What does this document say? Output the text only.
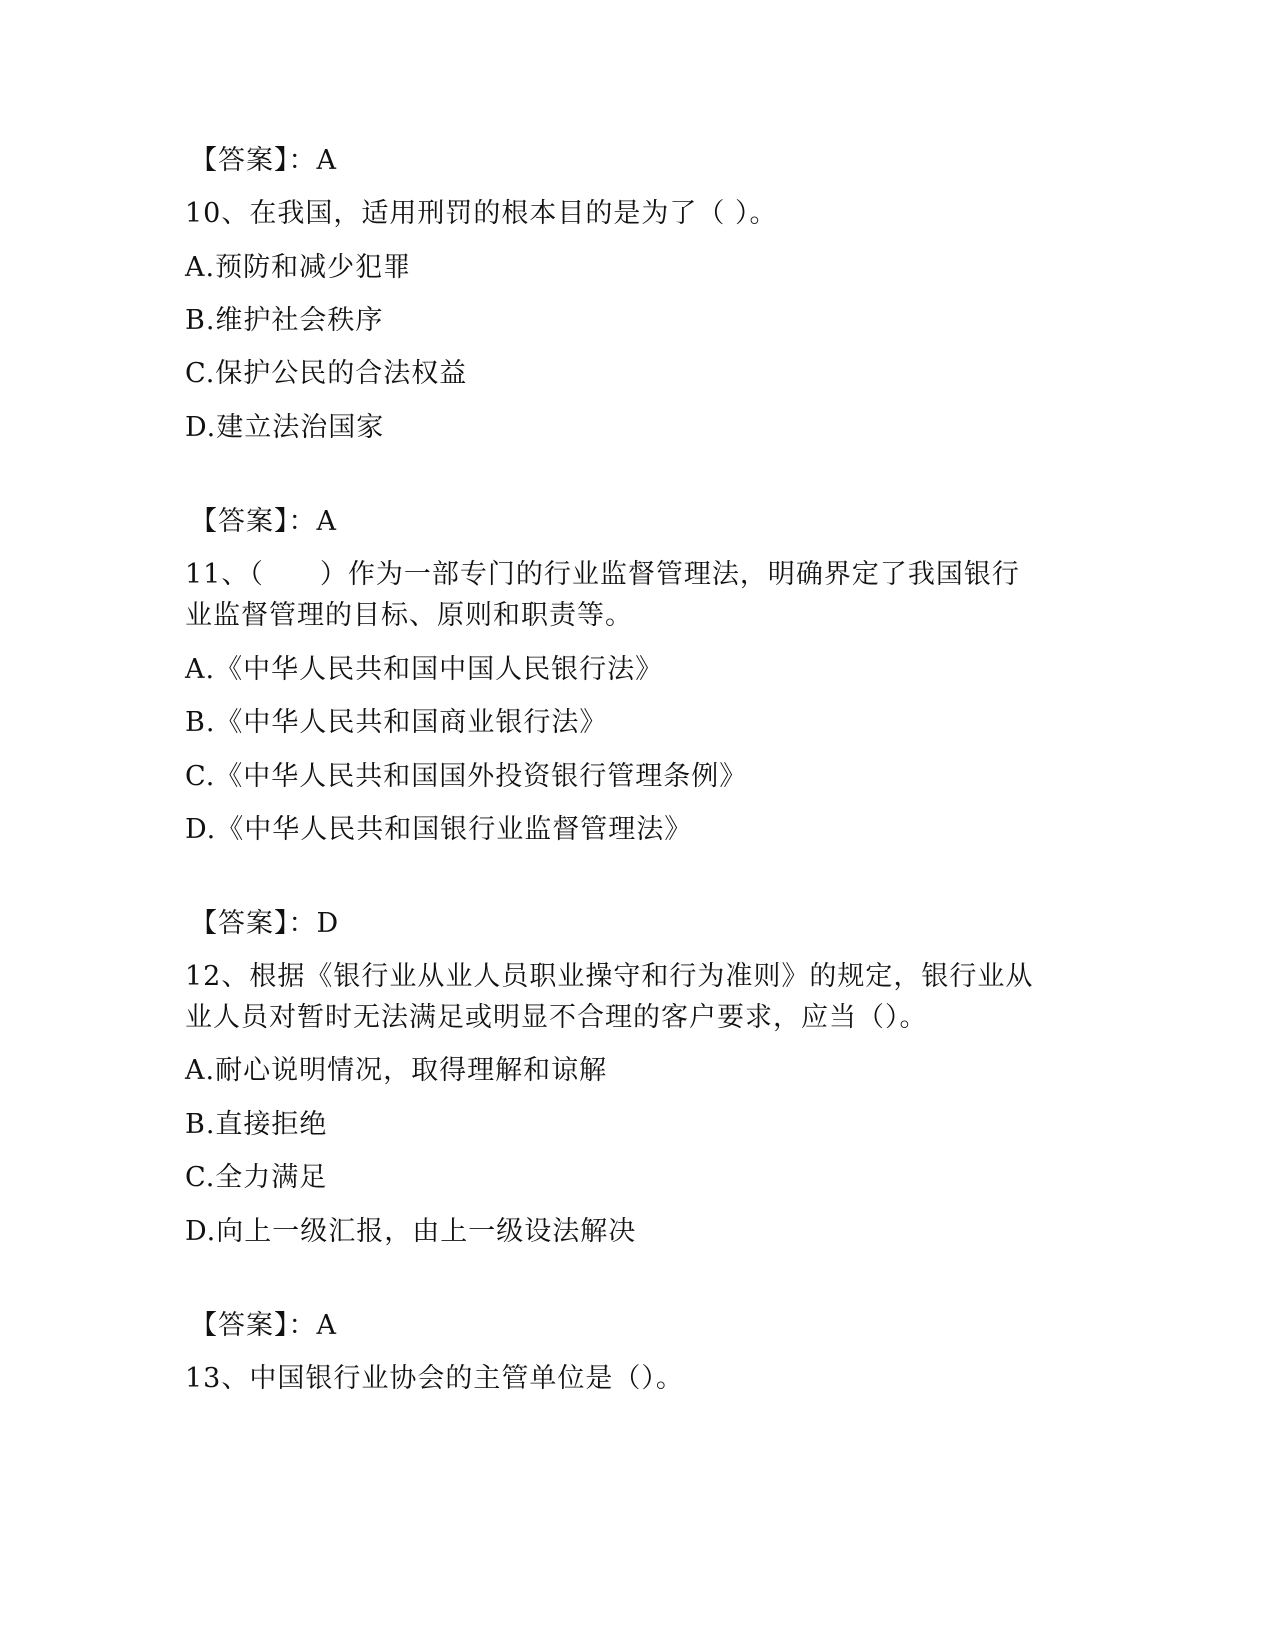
【答案】：A
10、在我国，适用刑罚的根本目的是为了（ ）。
A.预防和减少犯罪
B.维护社会秩序
C.保护公民的合法权益
D.建立法治国家
【答案】：A
11、（　　）作为一部专门的行业监督管理法，明确界定了我国银行
业监督管理的目标、原则和职责等。
A.《中华人民共和国中国人民银行法》
B.《中华人民共和国商业银行法》
C.《中华人民共和国国外投资银行管理条例》
D.《中华人民共和国银行业监督管理法》
【答案】：D
12、根据《银行业从业人员职业操守和行为准则》的规定，银行业从
业人员对暂时无法满足或明显不合理的客户要求，应当（）。
A.耐心说明情况，取得理解和谅解
B.直接拒绝
C.全力满足
D.向上一级汇报，由上一级设法解决
【答案】：A
13、中国银行业协会的主管单位是（）。
